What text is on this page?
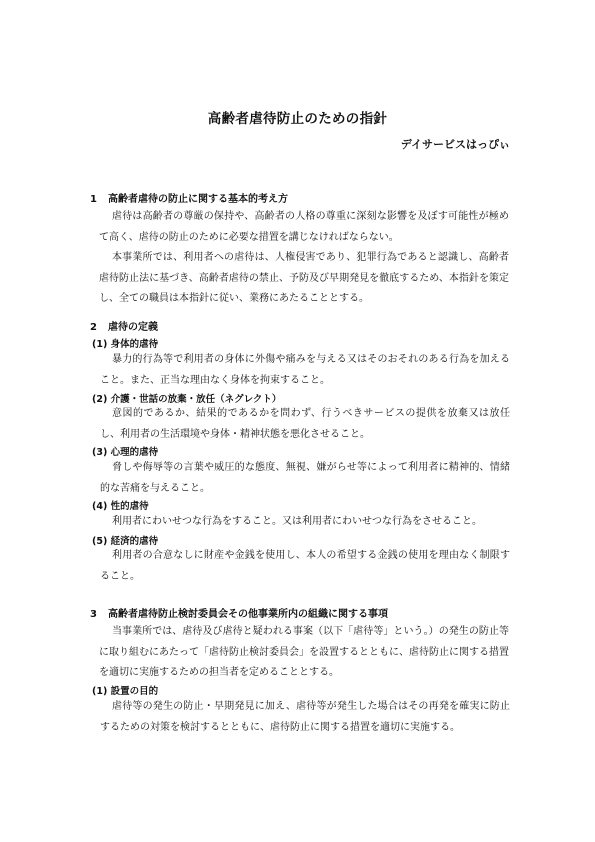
高齢者虐待防止のための指針
デイサービスはっぴぃ
1 高齢者虐待の防止に関する基本的考え方
虐待は高齢者の尊厳の保持や、高齢者の人格の尊重に深刻な影響を及ぼす可能性が極めて高く、虐待の防止のために必要な措置を講じなければならない。
本事業所では、利用者への虐待は、人権侵害であり、犯罪行為であると認識し、高齢者虐待防止法に基づき、高齢者虐待の禁止、予防及び早期発見を徹底するため、本指針を策定し、全ての職員は本指針に従い、業務にあたることとする。
2 虐待の定義
(1) 身体的虐待
暴力的行為等で利用者の身体に外傷や痛みを与える又はそのおそれのある行為を加えること。また、正当な理由なく身体を拘束すること。
(2) 介護・世話の放棄・放任（ネグレクト）
意図的であるか、結果的であるかを問わず、行うべきサービスの提供を放棄又は放任し、利用者の生活環境や身体・精神状態を悪化させること。
(3) 心理的虐待
脅しや侮辱等の言葉や威圧的な態度、無視、嫌がらせ等によって利用者に精神的、情緒的な苦痛を与えること。
(4) 性的虐待
利用者にわいせつな行為をすること。又は利用者にわいせつな行為をさせること。
(5) 経済的虐待
利用者の合意なしに財産や金銭を使用し、本人の希望する金銭の使用を理由なく制限すること。
3 高齢者虐待防止検討委員会その他事業所内の組織に関する事項
当事業所では、虐待及び虐待と疑われる事案（以下「虐待等」という。）の発生の防止等に取り組むにあたって「虐待防止検討委員会」を設置するとともに、虐待防止に関する措置を適切に実施するための担当者を定めることとする。
(1) 設置の目的
虐待等の発生の防止・早期発見に加え、虐待等が発生した場合はその再発を確実に防止するための対策を検討するとともに、虐待防止に関する措置を適切に実施する。
